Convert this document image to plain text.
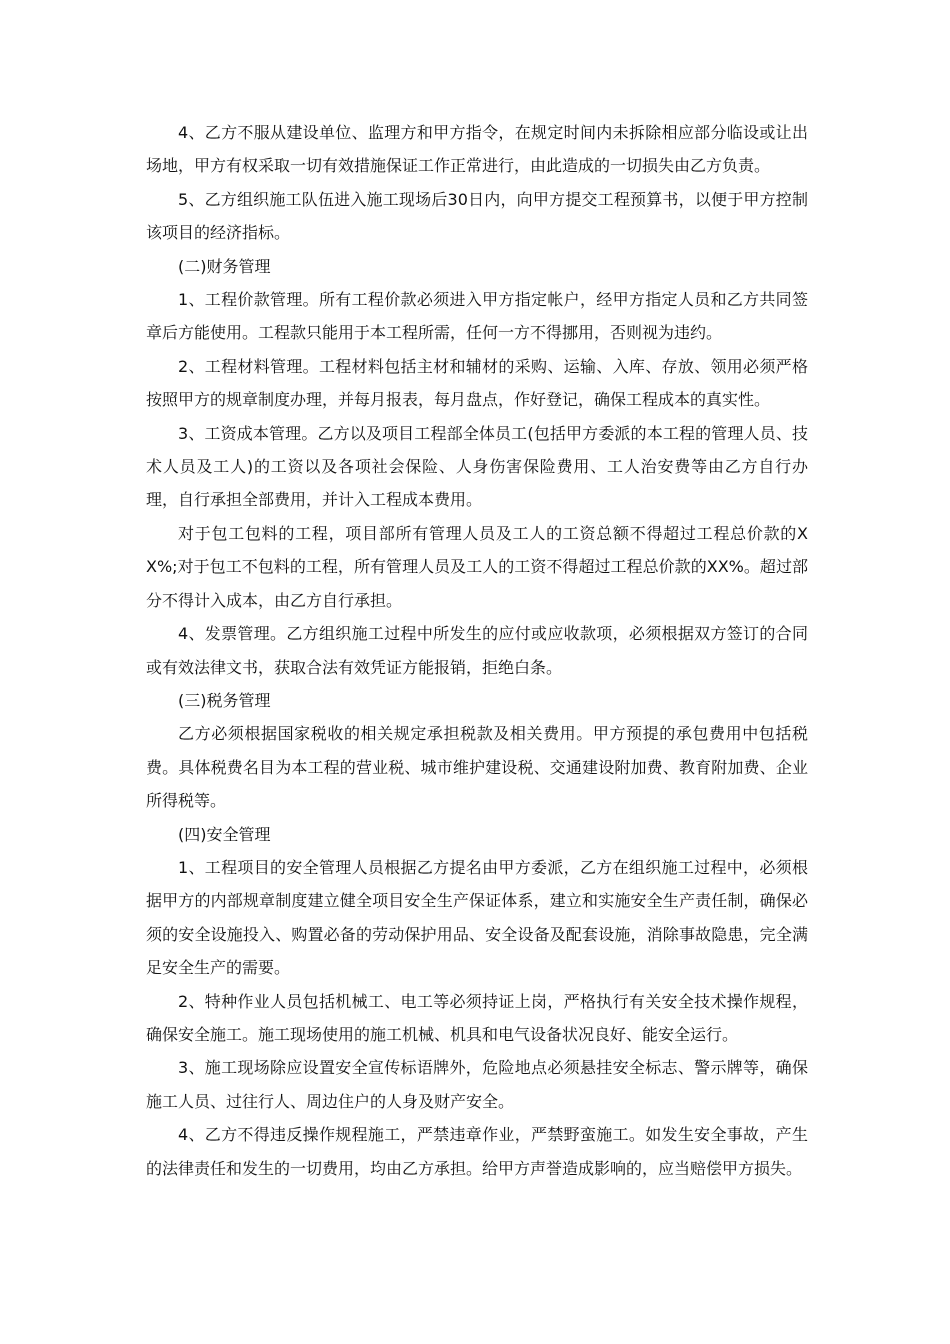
4、乙方不服从建设单位、监理方和甲方指令，在规定时间内未拆除相应部分临设或让出场地，甲方有权采取一切有效措施保证工作正常进行，由此造成的一切损失由乙方负责。

5、乙方组织施工队伍进入施工现场后30日内，向甲方提交工程预算书，以便于甲方控制该项目的经济指标。

(二)财务管理

1、工程价款管理。所有工程价款必须进入甲方指定帐户，经甲方指定人员和乙方共同签章后方能使用。工程款只能用于本工程所需，任何一方不得挪用，否则视为违约。

2、工程材料管理。工程材料包括主材和辅材的采购、运输、入库、存放、领用必须严格按照甲方的规章制度办理，并每月报表，每月盘点，作好登记，确保工程成本的真实性。

3、工资成本管理。乙方以及项目工程部全体员工(包括甲方委派的本工程的管理人员、技术人员及工人)的工资以及各项社会保险、人身伤害保险费用、工人治安费等由乙方自行办理，自行承担全部费用，并计入工程成本费用。

对于包工包料的工程，项目部所有管理人员及工人的工资总额不得超过工程总价款的XX%;对于包工不包料的工程，所有管理人员及工人的工资不得超过工程总价款的XX%。超过部分不得计入成本，由乙方自行承担。

4、发票管理。乙方组织施工过程中所发生的应付或应收款项，必须根据双方签订的合同或有效法律文书，获取合法有效凭证方能报销，拒绝白条。

(三)税务管理

乙方必须根据国家税收的相关规定承担税款及相关费用。甲方预提的承包费用中包括税费。具体税费名目为本工程的营业税、城市维护建设税、交通建设附加费、教育附加费、企业所得税等。

(四)安全管理

1、工程项目的安全管理人员根据乙方提名由甲方委派，乙方在组织施工过程中，必须根据甲方的内部规章制度建立健全项目安全生产保证体系，建立和实施安全生产责任制，确保必须的安全设施投入、购置必备的劳动保护用品、安全设备及配套设施，消除事故隐患，完全满足安全生产的需要。

2、特种作业人员包括机械工、电工等必须持证上岗，严格执行有关安全技术操作规程，确保安全施工。施工现场使用的施工机械、机具和电气设备状况良好、能安全运行。

3、施工现场除应设置安全宣传标语牌外，危险地点必须悬挂安全标志、警示牌等，确保施工人员、过往行人、周边住户的人身及财产安全。

4、乙方不得违反操作规程施工，严禁违章作业，严禁野蛮施工。如发生安全事故，产生的法律责任和发生的一切费用，均由乙方承担。给甲方声誉造成影响的，应当赔偿甲方损失。
